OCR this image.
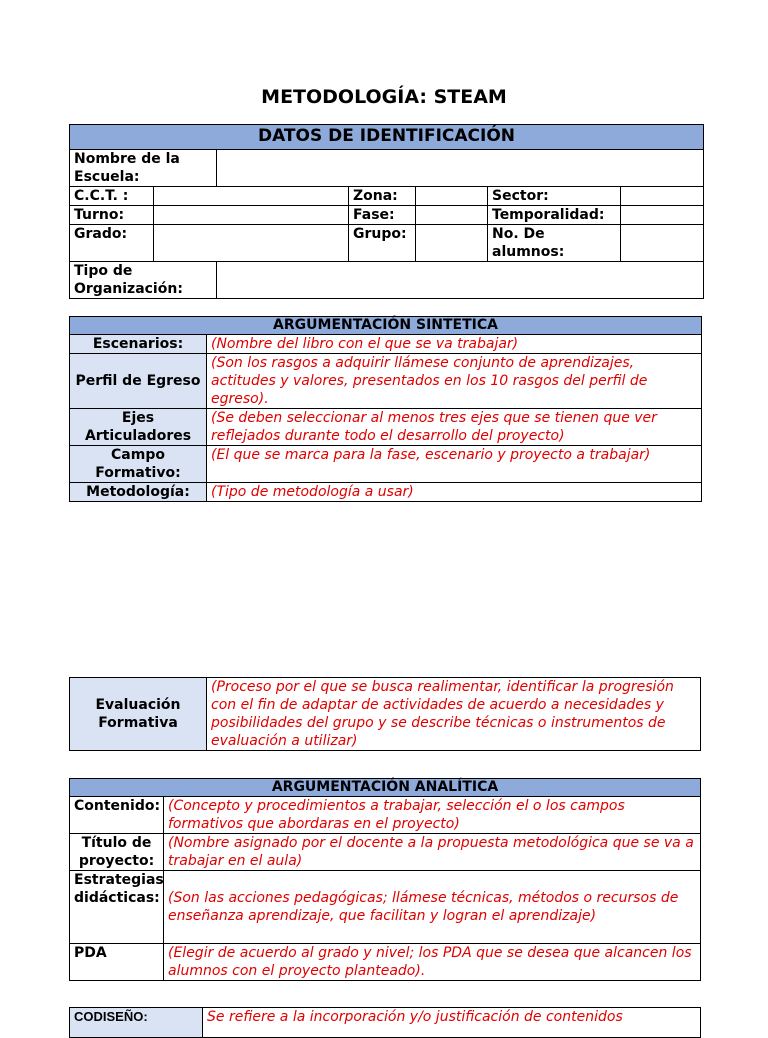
METODOLOGÍA: STEAM
DATOS DE IDENTIFICACIÓN						
Nombre de la Escuela:						
C.C.T. :			Zona:		Sector:	
Turno:			Fase:		Temporalidad:	
Grado:			Grupo:		No. De alumnos:	
Tipo de Organización:						
ARGUMENTACIÓN SINTETICA	
Escenarios:	(Nombre del libro con el que se va trabajar)
Perfil de Egreso	(Son los rasgos a adquirir llámese conjunto de aprendizajes, actitudes y valores, presentados en los 10 rasgos del perfil de egreso).
Ejes Articuladores	(Se deben seleccionar al menos tres ejes que se tienen que ver reflejados durante todo el desarrollo del proyecto)
Campo Formativo:	(El que se marca para la fase, escenario y proyecto a trabajar)
Metodología:	(Tipo de metodología a usar)
Evaluación Formativa	(Proceso por el que se busca realimentar, identificar la progresión con el fin de adaptar de actividades de acuerdo a necesidades y posibilidades del grupo y se describe técnicas o instrumentos de evaluación a utilizar)
ARGUMENTACIÓN ANALÍTICA	
Contenido:	(Concepto y procedimientos a trabajar, selección el o los campos formativos que abordaras en el proyecto)
Título de proyecto:	(Nombre asignado por el docente a la propuesta metodológica que se va a trabajar en el aula)
Estrategias didácticas:	(Son las acciones pedagógicas; llámese técnicas, métodos o recursos de enseñanza aprendizaje, que facilitan y logran el aprendizaje)
PDA	(Elegir de acuerdo al grado y nivel; los PDA que se desea que alcancen los alumnos con el proyecto planteado).
CODISEÑO:	Se refiere a la incorporación y/o justificación de contenidos
